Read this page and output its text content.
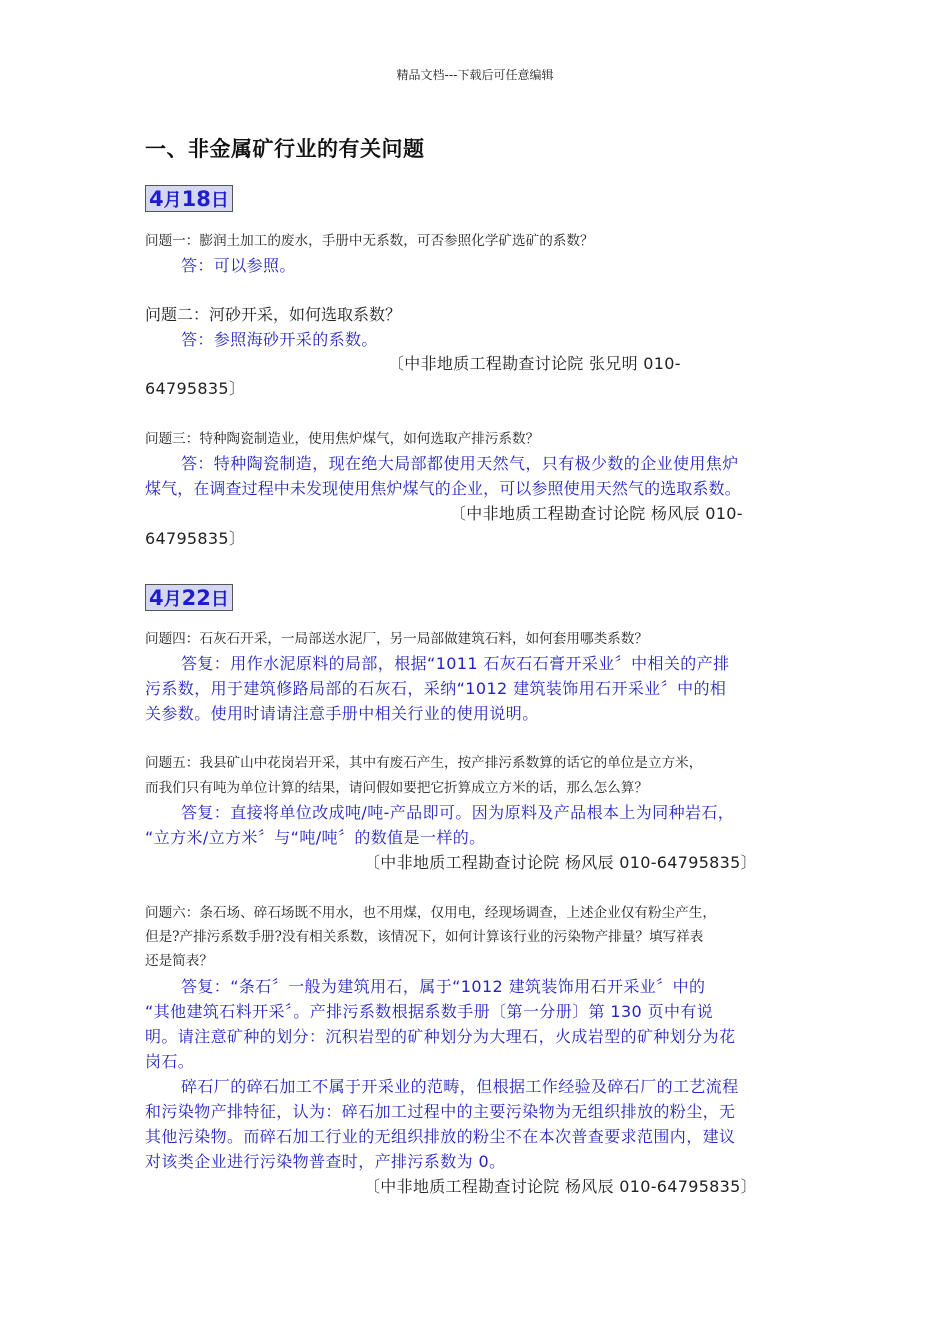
精品文档---下载后可任意编辑
一、非金属矿行业的有关问题
4月18日
问题一：膨润土加工的废水，手册中无系数，可否参照化学矿选矿的系数？
答：可以参照。
问题二：河砂开采，如何选取系数？
答：参照海砂开采的系数。
〔中非地质工程勘查讨论院 张兄明 010-
64795835〕
问题三：特种陶瓷制造业，使用焦炉煤气，如何选取产排污系数？
答：特种陶瓷制造，现在绝大局部都使用天然气，只有极少数的企业使用焦炉
煤气，在调查过程中未发现使用焦炉煤气的企业，可以参照使用天然气的选取系数。
〔中非地质工程勘查讨论院 杨风辰 010-
64795835〕
4月22日
问题四：石灰石开采，一局部送水泥厂，另一局部做建筑石料，如何套用哪类系数？
答复：用作水泥原料的局部，根据“1011 石灰石石膏开采业〞中相关的产排
污系数，用于建筑修路局部的石灰石，采纳“1012 建筑装饰用石开采业〞中的相
关参数。使用时请请注意手册中相关行业的使用说明。
问题五：我县矿山中花岗岩开采，其中有废石产生，按产排污系数算的话它的单位是立方米，
而我们只有吨为单位计算的结果，请问假如要把它折算成立方米的话，那么怎么算？
答复：直接将单位改成吨/吨-产品即可。因为原料及产品根本上为同种岩石，
“立方米/立方米〞与“吨/吨〞的数值是一样的。
〔中非地质工程勘查讨论院 杨风辰 010-64795835〕
问题六：条石场、碎石场既不用水，也不用煤，仅用电，经现场调查，上述企业仅有粉尘产生，
但是?产排污系数手册?没有相关系数，该情况下，如何计算该行业的污染物产排量？填写祥表
还是简表？
答复：“条石〞一般为建筑用石，属于“1012 建筑装饰用石开采业〞中的
“其他建筑石料开采〞。产排污系数根据系数手册〔第一分册〕第 130 页中有说
明。请注意矿种的划分：沉积岩型的矿种划分为大理石，火成岩型的矿种划分为花
岗石。
碎石厂的碎石加工不属于开采业的范畴，但根据工作经验及碎石厂的工艺流程
和污染物产排特征，认为：碎石加工过程中的主要污染物为无组织排放的粉尘，无
其他污染物。而碎石加工行业的无组织排放的粉尘不在本次普查要求范围内，建议
对该类企业进行污染物普查时，产排污系数为 0。
〔中非地质工程勘查讨论院 杨风辰 010-64795835〕
